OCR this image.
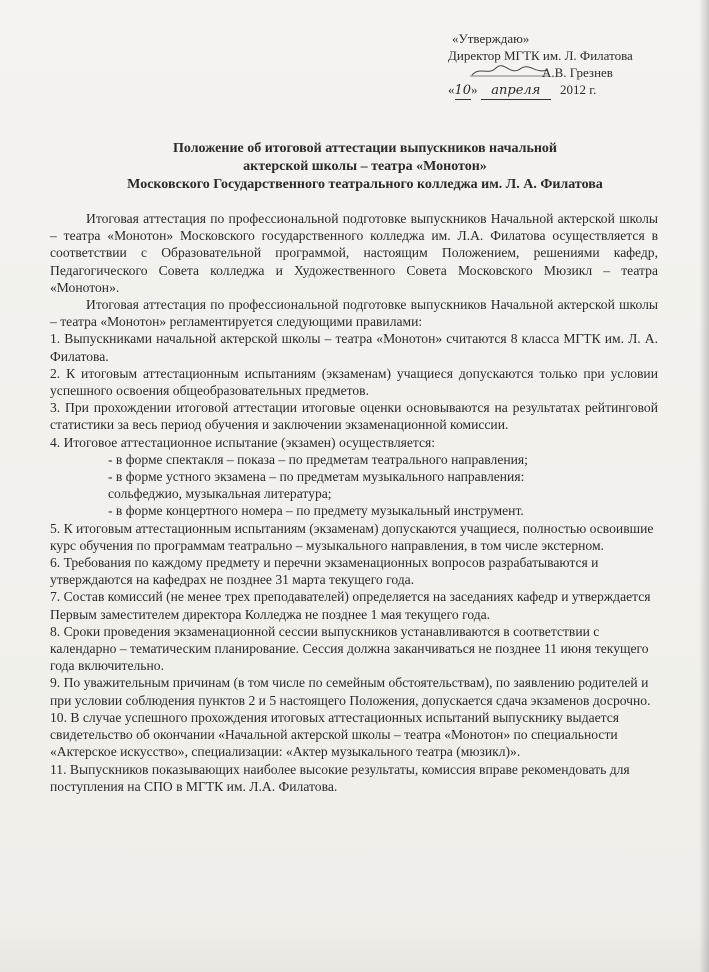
«Утверждаю»
Директор МГТК им. Л. Филатова
А.В. Грезнев
«10» апреля 2012 г.
Положение об итоговой аттестации выпускников начальной
актерской школы – театра «Монотон»
Московского Государственного театрального колледжа им. Л. А. Филатова

Итоговая аттестация по профессиональной подготовке выпускников Начальной актерской школы – театра «Монотон» Московского государственного колледжа им. Л.А. Филатова осуществляется в соответствии с Образовательной программой, настоящим Положением, решениями кафедр, Педагогического Совета колледжа и Художественного Совета Московского Мюзикл – театра «Монотон».

Итоговая аттестация по профессиональной подготовке выпускников Начальной актерской школы – театра «Монотон» регламентируется следующими правилами:

1. Выпускниками начальной актерской школы – театра «Монотон» считаются 8 класса МГТК им. Л. А. Филатова.

2. К итоговым аттестационным испытаниям (экзаменам) учащиеся допускаются только при условии успешного освоения общеобразовательных предметов.

3. При прохождении итоговой аттестации итоговые оценки основываются на результатах рейтинговой статистики за весь период обучения и заключении экзаменационной комиссии.

4. Итоговое аттестационное испытание (экзамен) осуществляется:

- в форме спектакля – показа – по предметам театрального направления;

- в форме устного экзамена – по предметам музыкального направления:

сольфеджио, музыкальная литература;

- в форме концертного номера – по предмету музыкальный инструмент.

5. К итоговым аттестационным испытаниям (экзаменам) допускаются учащиеся, полностью освоившие курс обучения по программам театрально – музыкального направления, в том числе экстерном.

6. Требования по каждому предмету и перечни экзаменационных вопросов разрабатываются и утверждаются на кафедрах не позднее 31 марта текущего года.

7. Состав комиссий (не менее трех преподавателей) определяется на заседаниях кафедр и утверждается Первым заместителем директора Колледжа не позднее 1 мая текущего года.

8. Сроки проведения экзаменационной сессии выпускников устанавливаются в соответствии с календарно – тематическим планирование. Сессия должна заканчиваться не позднее 11 июня текущего года включительно.

9. По уважительным причинам (в том числе по семейным обстоятельствам), по заявлению родителей и при условии соблюдения пунктов 2 и 5 настоящего Положения, допускается сдача экзаменов досрочно.

10. В случае успешного прохождения итоговых аттестационных испытаний выпускнику выдается свидетельство об окончании «Начальной актерской школы – театра «Монотон» по специальности «Актерское искусство», специализации: «Актер музыкального театра (мюзикл)».

11. Выпускников показывающих наиболее высокие результаты, комиссия вправе рекомендовать для поступления на СПО в МГТК им. Л.А. Филатова.
